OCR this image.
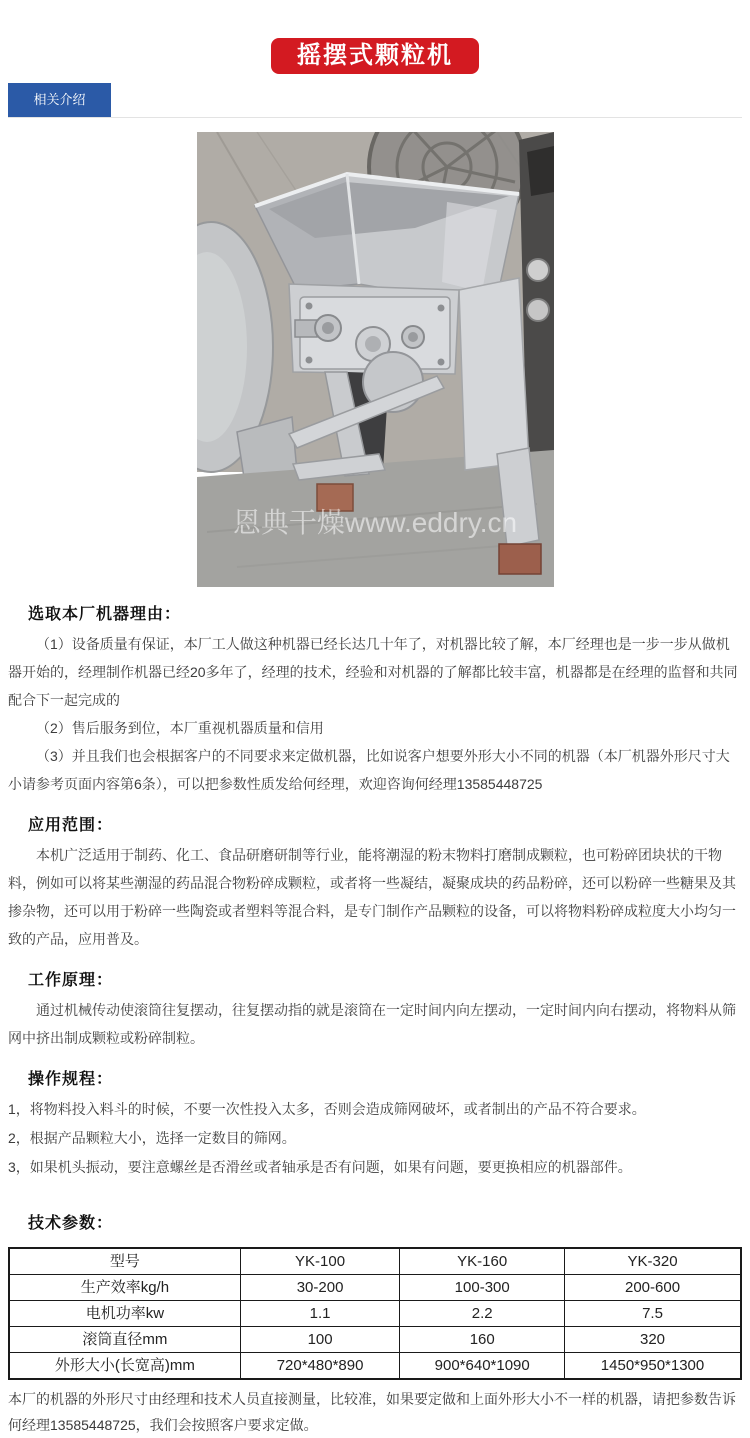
摇摆式颗粒机
相关介绍
恩典干燥www.eddry.cn
选取本厂机器理由：

（1）设备质量有保证，本厂工人做这种机器已经长达几十年了，对机器比较了解，本厂经理也是一步一步从做机器开始的，经理制作机器已经20多年了，经理的技术，经验和对机器的了解都比较丰富，机器都是在经理的监督和共同配合下一起完成的

（2）售后服务到位，本厂重视机器质量和信用

（3）并且我们也会根据客户的不同要求来定做机器，比如说客户想要外形大小不同的机器（本厂机器外形尺寸大小请参考页面内容第6条），可以把参数性质发给何经理，欢迎咨询何经理13585448725

应用范围：

本机广泛适用于制药、化工、食品研磨研制等行业，能将潮湿的粉末物料打磨制成颗粒，也可粉碎团块状的干物料，例如可以将某些潮湿的药品混合物粉碎成颗粒，或者将一些凝结，凝聚成块的药品粉碎，还可以粉碎一些糖果及其掺杂物，还可以用于粉碎一些陶瓷或者塑料等混合料，是专门制作产品颗粒的设备，可以将物料粉碎成粒度大小均匀一致的产品，应用普及。

工作原理：

通过机械传动使滚筒往复摆动，往复摆动指的就是滚筒在一定时间内向左摆动，一定时间内向右摆动，将物料从筛网中挤出制成颗粒或粉碎制粒。

操作规程：
1，将物料投入料斗的时候，不要一次性投入太多，否则会造成筛网破坏，或者制出的产品不符合要求。
2，根据产品颗粒大小，选择一定数目的筛网。
3，如果机头振动，要注意螺丝是否滑丝或者轴承是否有问题，如果有问题，要更换相应的机器部件。
技术参数：
型号	YK-100	YK-160	YK-320
生产效率kg/h	30-200	100-300	200-600
电机功率kw	1.1	2.2	7.5
滚筒直径mm	100	160	320
外形大小(长宽高)mm	720*480*890	900*640*1090	1450*950*1300

本厂的机器的外形尺寸由经理和技术人员直接测量，比较准，如果要定做和上面外形大小不一样的机器，请把参数告诉何经理13585448725，我们会按照客户要求定做。
